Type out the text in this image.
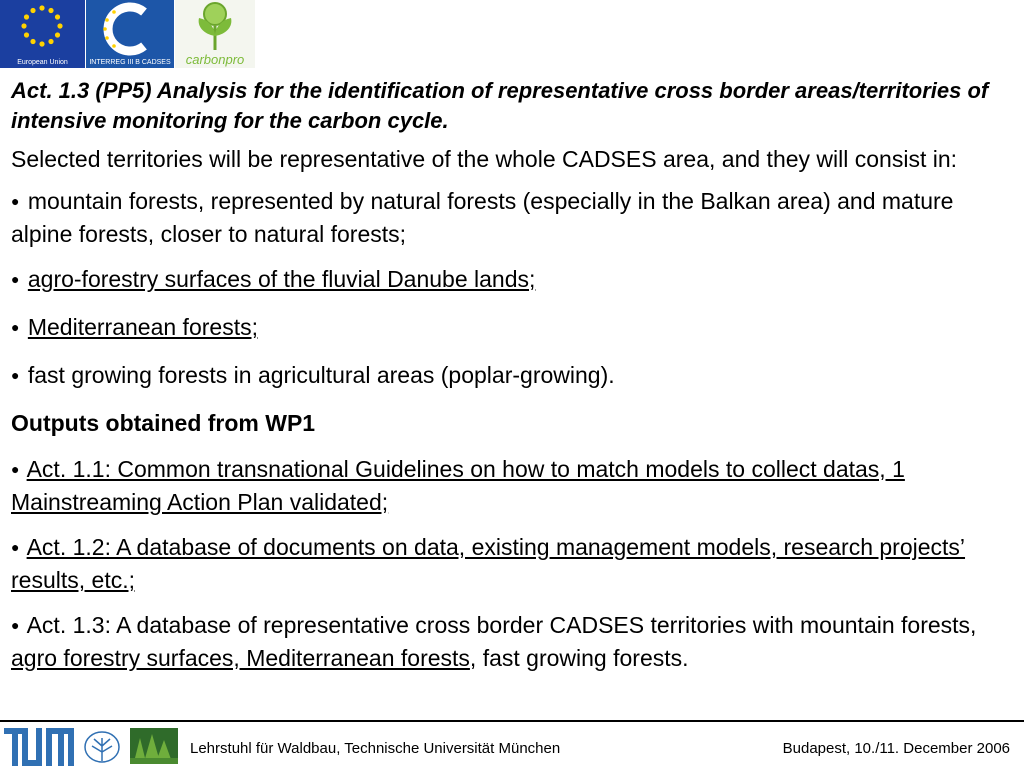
European Union	INTERREG III B CADSES	carbonpro

Act. 1.3 (PP5) Analysis for the identification of representative cross border areas/territories of intensive monitoring for the carbon cycle.

Selected territories will be representative of the whole CADSES area, and they will consist in:

● mountain forests, represented by natural forests (especially in the Balkan area) and mature alpine forests, closer to natural forests;

● agro-forestry surfaces of the fluvial Danube lands;

● Mediterranean forests;

● fast growing forests in agricultural areas (poplar-growing).

Outputs obtained from WP1

● Act. 1.1: Common transnational Guidelines on how to match models to collect datas, 1 Mainstreaming Action Plan validated;

● Act. 1.2: A database of documents on data, existing management models, research projects’ results, etc.;

● Act. 1.3: A database of representative cross border CADSES territories with mountain forests, agro forestry surfaces, Mediterranean forests, fast growing forests.

Lehrstuhl für Waldbau, Technische Universität München	Budapest, 10./11. December 2006
